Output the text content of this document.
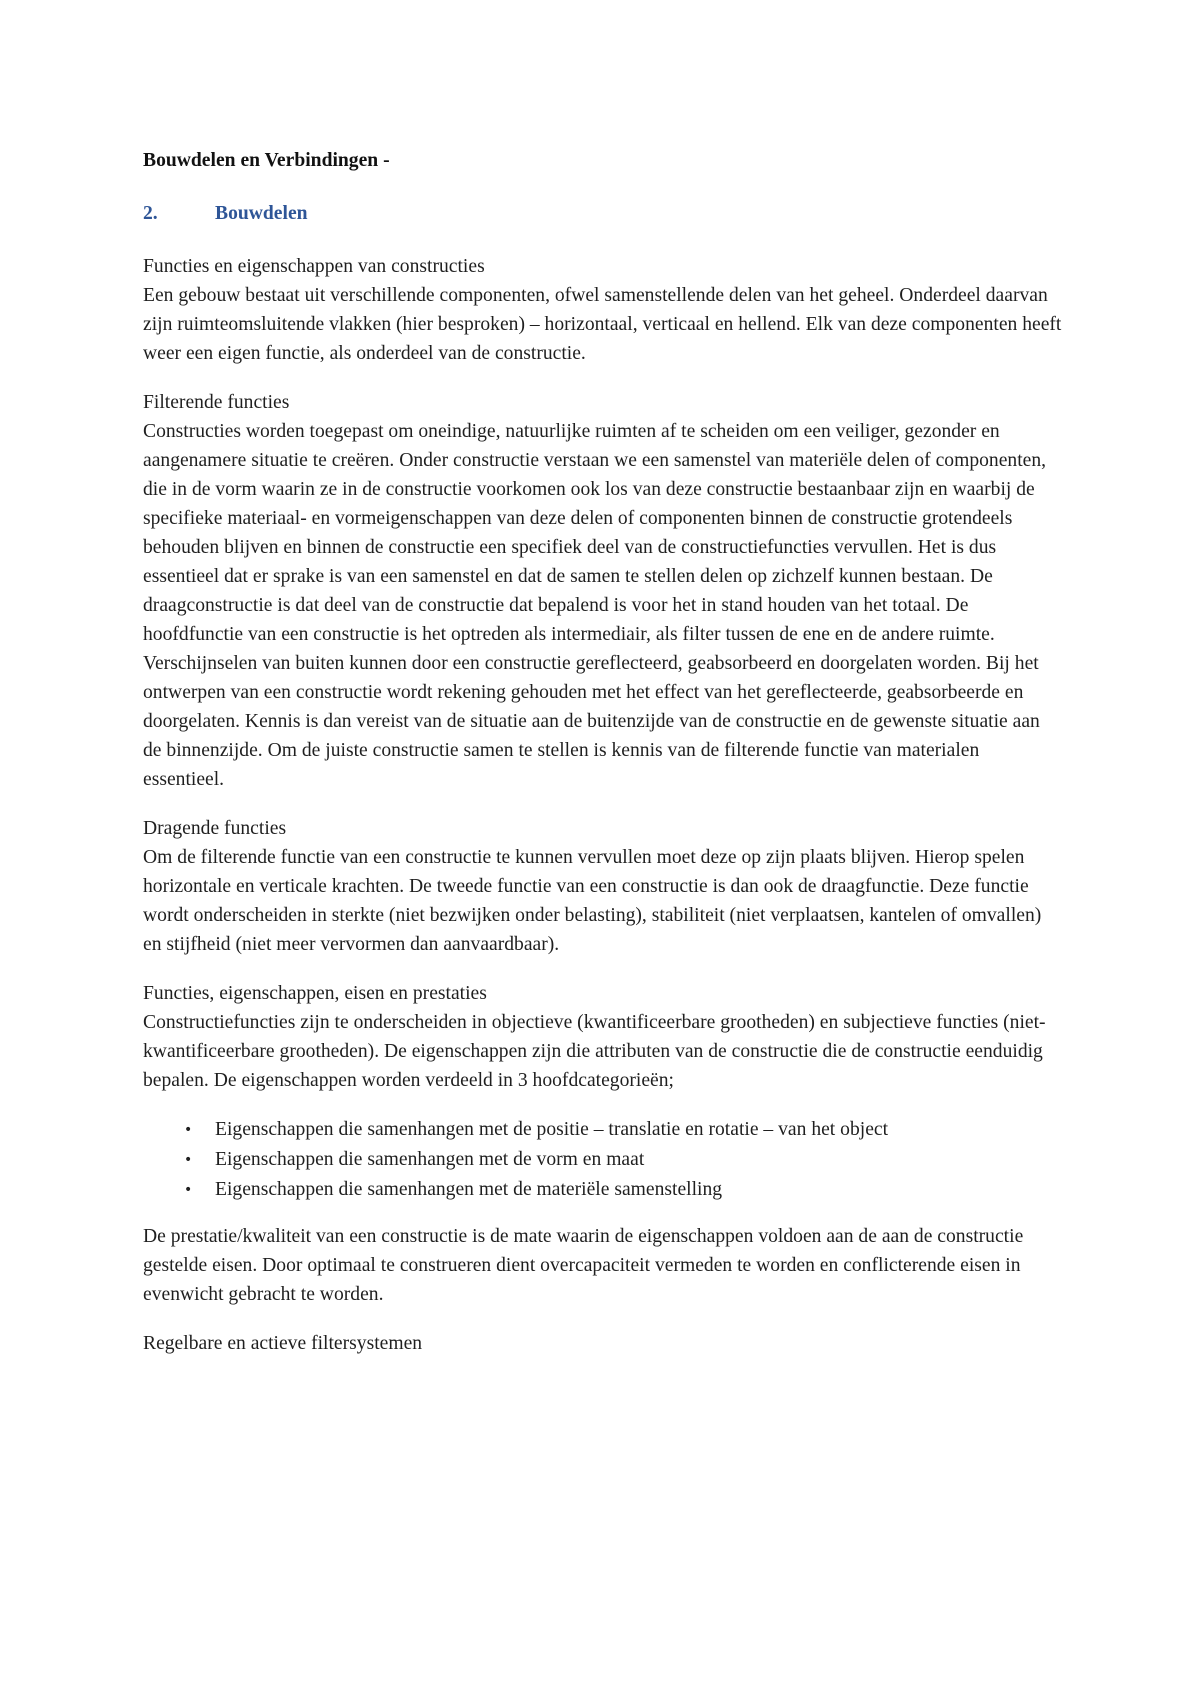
Bouwdelen en Verbindingen -
2.	Bouwdelen
Functies en eigenschappen van constructies
Een gebouw bestaat uit verschillende componenten, ofwel samenstellende delen van het geheel. Onderdeel daarvan zijn ruimteomsluitende vlakken (hier besproken) – horizontaal, verticaal en hellend. Elk van deze componenten heeft weer een eigen functie, als onderdeel van de constructie.
Filterende functies
Constructies worden toegepast om oneindige, natuurlijke ruimten af te scheiden om een veiliger, gezonder en aangenamere situatie te creëren. Onder constructie verstaan we een samenstel van materiële delen of componenten, die in de vorm waarin ze in de constructie voorkomen ook los van deze constructie bestaanbaar zijn en waarbij de specifieke materiaal- en vormeigenschappen van deze delen of componenten binnen de constructie grotendeels behouden blijven en binnen de constructie een specifiek deel van de constructiefuncties vervullen. Het is dus essentieel dat er sprake is van een samenstel en dat de samen te stellen delen op zichzelf kunnen bestaan. De draagconstructie is dat deel van de constructie dat bepalend is voor het in stand houden van het totaal. De hoofdfunctie van een constructie is het optreden als intermediair, als filter tussen de ene en de andere ruimte. Verschijnselen van buiten kunnen door een constructie gereflecteerd, geabsorbeerd en doorgelaten worden. Bij het ontwerpen van een constructie wordt rekening gehouden met het effect van het gereflecteerde, geabsorbeerde en doorgelaten. Kennis is dan vereist van de situatie aan de buitenzijde van de constructie en de gewenste situatie aan de binnenzijde. Om de juiste constructie samen te stellen is kennis van de filterende functie van materialen essentieel.
Dragende functies
Om de filterende functie van een constructie te kunnen vervullen moet deze op zijn plaats blijven. Hierop spelen horizontale en verticale krachten. De tweede functie van een constructie is dan ook de draagfunctie. Deze functie wordt onderscheiden in sterkte (niet bezwijken onder belasting), stabiliteit (niet verplaatsen, kantelen of omvallen) en stijfheid (niet meer vervormen dan aanvaardbaar).
Functies, eigenschappen, eisen en prestaties
Constructiefuncties zijn te onderscheiden in objectieve (kwantificeerbare grootheden) en subjectieve functies (niet-kwantificeerbare grootheden). De eigenschappen zijn die attributen van de constructie die de constructie eenduidig bepalen. De eigenschappen worden verdeeld in 3 hoofdcategorieën;
•	Eigenschappen die samenhangen met de positie – translatie en rotatie – van het object
•	Eigenschappen die samenhangen met de vorm en maat
•	Eigenschappen die samenhangen met de materiële samenstelling
De prestatie/kwaliteit van een constructie is de mate waarin de eigenschappen voldoen aan de aan de constructie gestelde eisen. Door optimaal te construeren dient overcapaciteit vermeden te worden en conflicterende eisen in evenwicht gebracht te worden.
Regelbare en actieve filtersystemen
